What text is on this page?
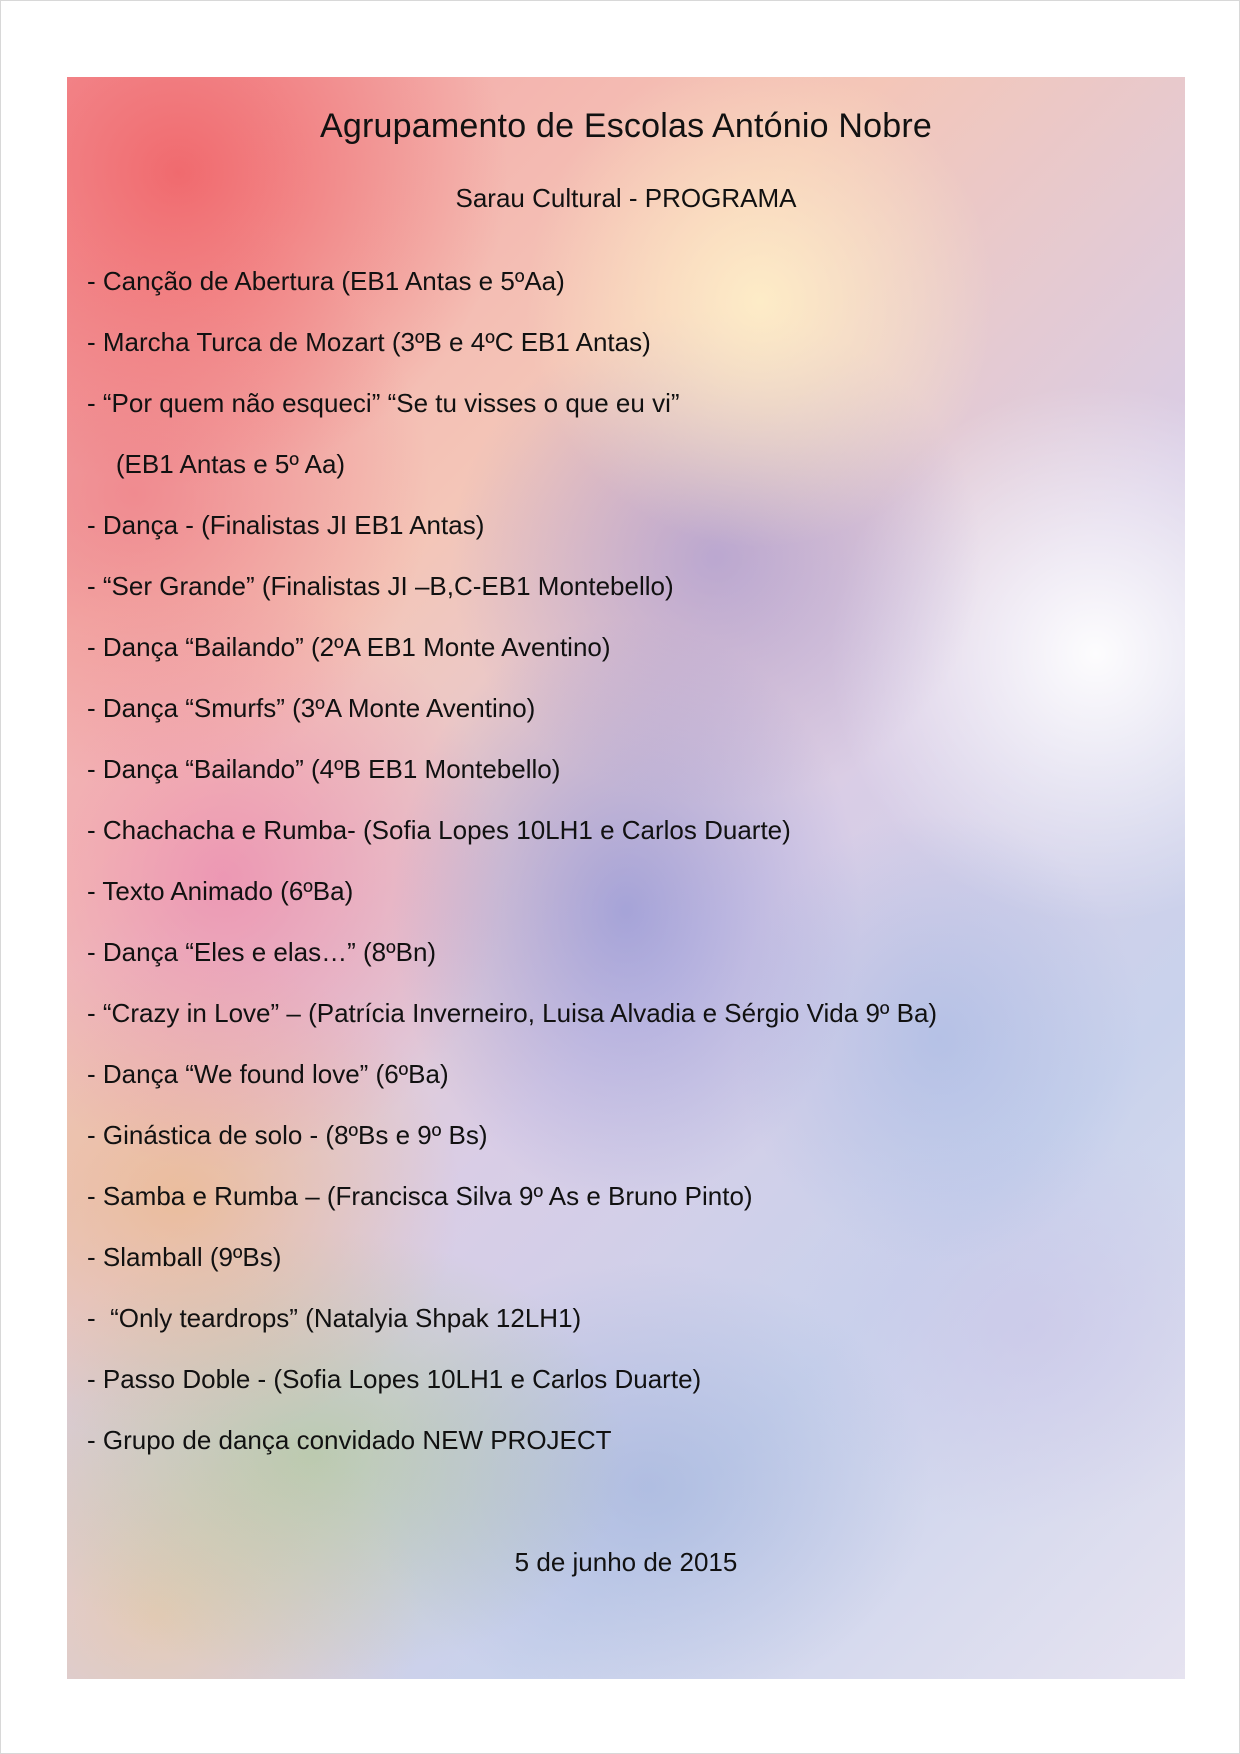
Agrupamento de Escolas António Nobre

Sarau Cultural - PROGRAMA

- Canção de Abertura (EB1 Antas e 5ºAa)
- Marcha Turca de Mozart (3ºB e 4ºC EB1 Antas)
- “Por quem não esqueci” “Se tu visses o que eu vi”
(EB1 Antas e 5º Aa)
- Dança - (Finalistas JI EB1 Antas)
- “Ser Grande” (Finalistas JI –B,C-EB1 Montebello)
- Dança “Bailando” (2ºA EB1 Monte Aventino)
- Dança “Smurfs” (3ºA Monte Aventino)
- Dança “Bailando” (4ºB EB1 Montebello)
- Chachacha e Rumba- (Sofia Lopes 10LH1 e Carlos Duarte)
- Texto Animado (6ºBa)
- Dança “Eles e elas…” (8ºBn)
- “Crazy in Love” – (Patrícia Inverneiro, Luisa Alvadia e Sérgio Vida 9º Ba)
- Dança “We found love” (6ºBa)
- Ginástica de solo - (8ºBs e 9º Bs)
- Samba e Rumba – (Francisca Silva 9º As e Bruno Pinto)
- Slamball (9ºBs)
-  “Only teardrops” (Natalyia Shpak 12LH1)
- Passo Doble - (Sofia Lopes 10LH1 e Carlos Duarte)
- Grupo de dança convidado NEW PROJECT

5 de junho de 2015
